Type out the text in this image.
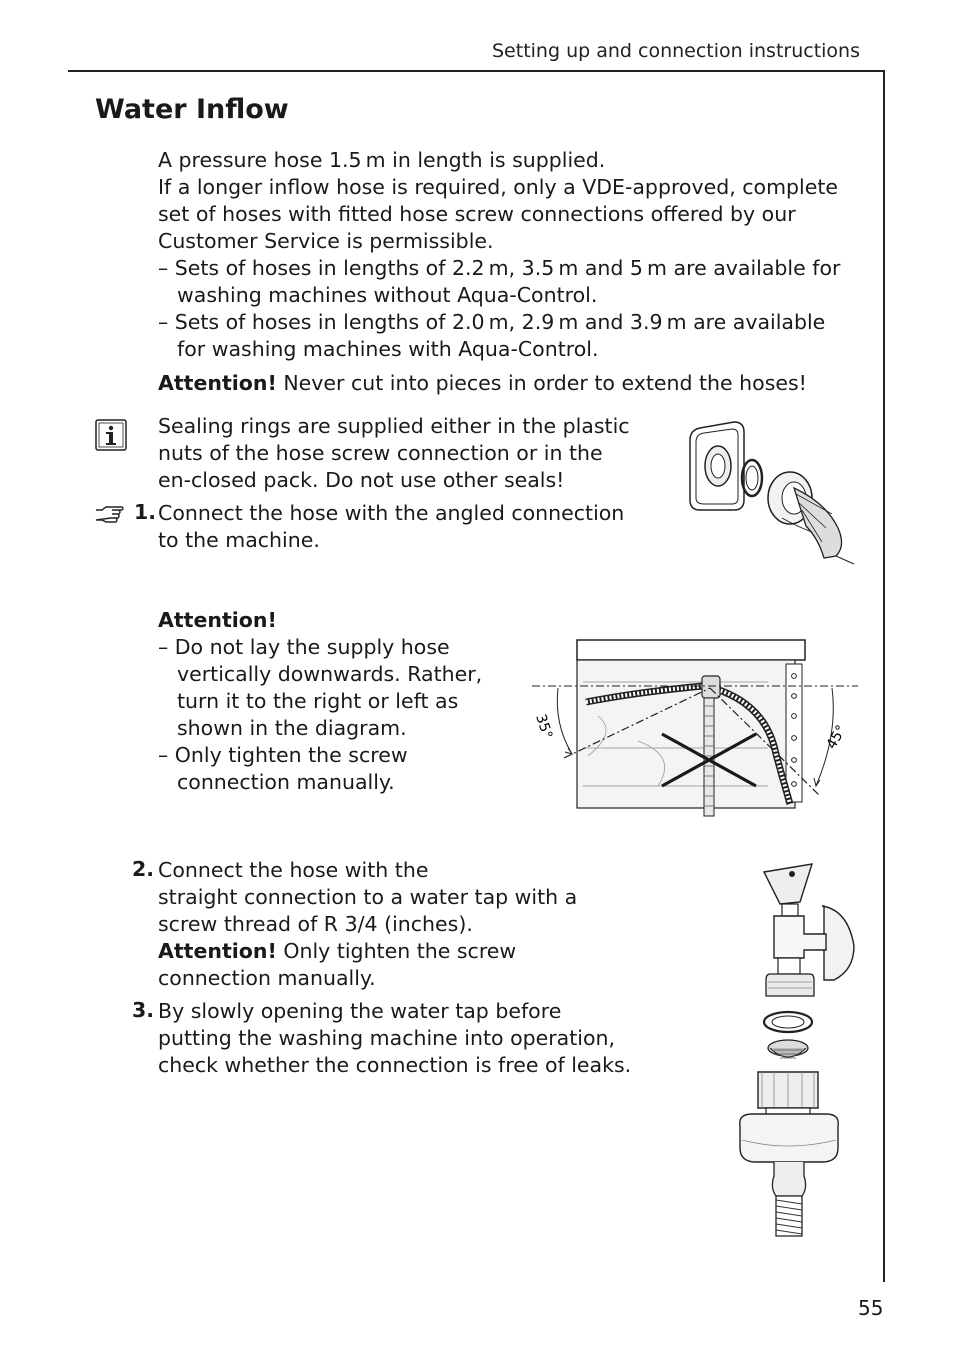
Setting up and connection instructions
Water Inflow

A pressure hose 1.5 m in length is supplied.

If a longer inflow hose is required, only a VDE-approved, complete set of hoses with fitted hose screw connections offered by our Customer Service is permissible.

– Sets of hoses in lengths of 2.2 m, 3.5 m and 5 m are available for washing machines without Aqua-Control.
– Sets of hoses in lengths of 2.0 m, 2.9 m and 3.9 m are available for washing machines with Aqua-Control.

Attention! Never cut into pieces in order to extend the hoses!

Sealing rings are supplied either in the plastic nuts of the hose screw connection or in the en-closed pack. Do not use other seals!
1. Connect the hose with the angled connection to the machine.

Attention!

– Do not lay the supply hose vertically downwards. Rather, turn it to the right or left as shown in the diagram.
– Only tighten the screw connection manually.
35°	45°
2. Connect the hose with the

straight connection to a water tap with a screw thread of R 3/4 (inches).

Attention! Only tighten the screw connection manually.

3. By slowly opening the water tap before putting the washing machine into operation, check whether the connection is free of leaks.
55
